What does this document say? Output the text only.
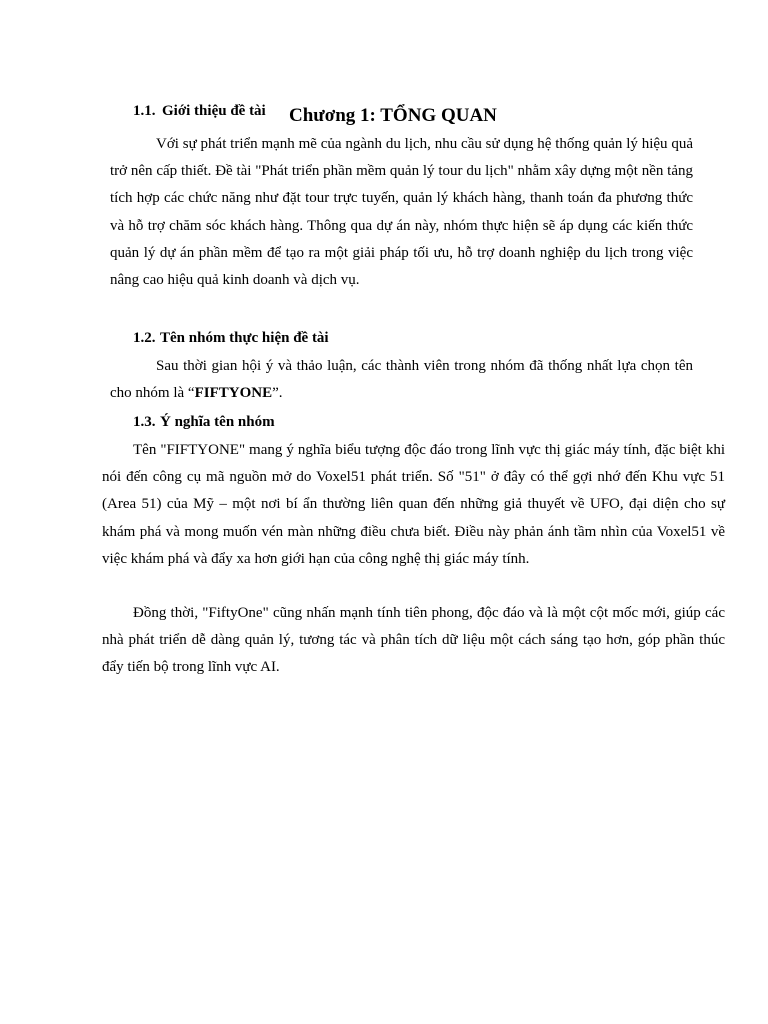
1.1. Giới thiệu đề tài Chương 1: TỔNG QUAN

Với sự phát triển mạnh mẽ của ngành du lịch, nhu cầu sử dụng hệ thống quản lý hiệu quả trở nên cấp thiết. Đề tài "Phát triển phần mềm quản lý tour du lịch" nhằm xây dựng một nền tảng tích hợp các chức năng như đặt tour trực tuyến, quản lý khách hàng, thanh toán đa phương thức và hỗ trợ chăm sóc khách hàng. Thông qua dự án này, nhóm thực hiện sẽ áp dụng các kiến thức quản lý dự án phần mềm để tạo ra một giải pháp tối ưu, hỗ trợ doanh nghiệp du lịch trong việc nâng cao hiệu quả kinh doanh và dịch vụ.

1.2. Tên nhóm thực hiện đề tài

Sau thời gian hội ý và thảo luận, các thành viên trong nhóm đã thống nhất lựa chọn tên cho nhóm là “FIFTYONE”.

1.3. Ý nghĩa tên nhóm

Tên "FIFTYONE" mang ý nghĩa biểu tượng độc đáo trong lĩnh vực thị giác máy tính, đặc biệt khi nói đến công cụ mã nguồn mở do Voxel51 phát triển. Số "51" ở đây có thể gợi nhớ đến Khu vực 51 (Area 51) của Mỹ – một nơi bí ẩn thường liên quan đến những giả thuyết về UFO, đại diện cho sự khám phá và mong muốn vén màn những điều chưa biết. Điều này phản ánh tầm nhìn của Voxel51 về việc khám phá và đẩy xa hơn giới hạn của công nghệ thị giác máy tính.

Đồng thời, "FiftyOne" cũng nhấn mạnh tính tiên phong, độc đáo và là một cột mốc mới, giúp các nhà phát triển dễ dàng quản lý, tương tác và phân tích dữ liệu một cách sáng tạo hơn, góp phần thúc đẩy tiến bộ trong lĩnh vực AI.
